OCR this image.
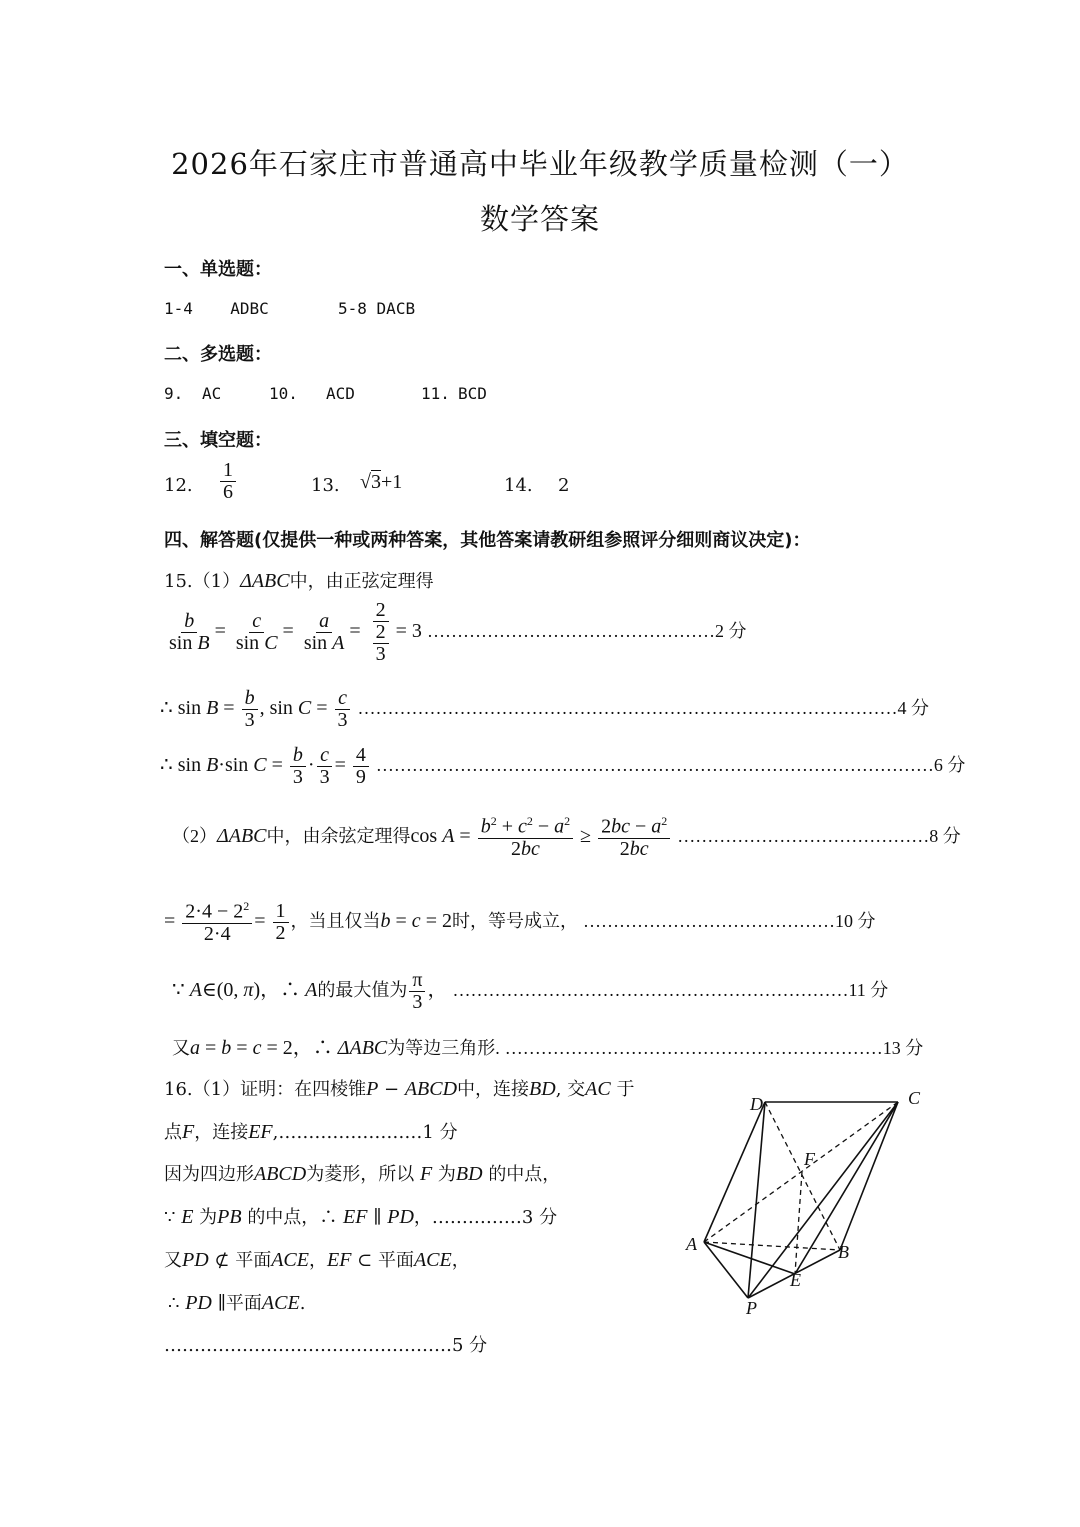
2026年石家庄市普通高中毕业年级教学质量检测（一）
数学答案
一、单选题：
1-4 ADBC	5-8 DACB
二、多选题：
9. AC	10. ACD	11. BCD
三、填空题：
12. $\frac{1}{6}$	13. √3+1	14. 2
四、解答题(仅提供一种或两种答案，其他答案请教研组参照评分细则商议决定)：
15.（1）ΔABC中，由正弦定理得
$\frac{b}{\text{sin B}} = \frac{c}{\text{sin C}} = \frac{a}{\text{sin A}} = \frac{2}{\frac{2}{3}} = 3$ …………………………………………2 分
∴ $\sin B = \frac{b}{3}$ , $\sin C = \frac{c}{3}$ ………………………………………………………………………………4 分
∴ sin B·sin $C = \frac{b}{3} \cdot \frac{c}{3} = \frac{4}{9}$ …………………………………………………………………………………6 分
（2）ΔABC中，由余弦定理得$\cos A = \frac{b^2 + c^2 - a^2}{2bc} \ge \frac{2bc - a^2}{2bc}$ ……………………………………8 分
= $\frac{2\cdot 4 - 2^2}{2\cdot 4} = \frac{1}{2}$ ，当且仅当b = c = 2时，等号成立， ……………………………………10 分
∵ A∈(0, π)，∴ A的最大值为 $\frac{\pi}{3}$ ， …………………………………………………………11 分
又a = b = c = 2，∴ ΔABC为等边三角形. ………………………………………………………13 分
16.（1）证明：在四棱锥P − ABCD中，连接BD, 交AC 于
点F，连接EF,……………………1 分
因为四边形ABCD为菱形，所以 F 为BD 的中点，
∵ E 为PB 的中点，∴ EF ∥ PD，……………3 分
又PD ⊄ 平面ACE，EF ⊂ 平面ACE，
∴ PD ∥平面ACE.
…………………………………………5 分
D	C
F
A	B
E
P
